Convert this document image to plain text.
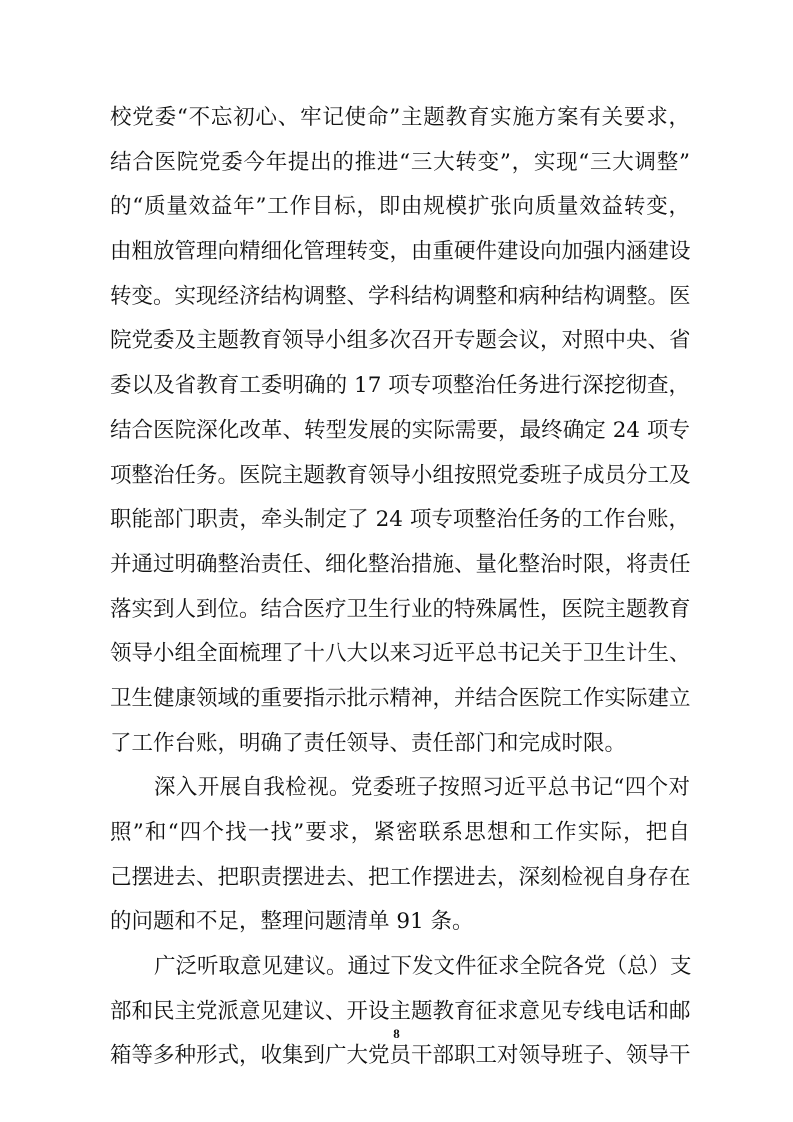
校党委“不忘初心、牢记使命”主题教育实施方案有关要求，
结合医院党委今年提出的推进“三大转变”，实现“三大调整”
的“质量效益年”工作目标，即由规模扩张向质量效益转变，
由粗放管理向精细化管理转变，由重硬件建设向加强内涵建设
转变。实现经济结构调整、学科结构调整和病种结构调整。医
院党委及主题教育领导小组多次召开专题会议，对照中央、省
委以及省教育工委明确的 17 项专项整治任务进行深挖彻查，
结合医院深化改革、转型发展的实际需要，最终确定 24 项专
项整治任务。医院主题教育领导小组按照党委班子成员分工及
职能部门职责，牵头制定了 24 项专项整治任务的工作台账，
并通过明确整治责任、细化整治措施、量化整治时限，将责任
落实到人到位。结合医疗卫生行业的特殊属性，医院主题教育
领导小组全面梳理了十八大以来习近平总书记关于卫生计生、
卫生健康领域的重要指示批示精神，并结合医院工作实际建立
了工作台账，明确了责任领导、责任部门和完成时限。
深入开展自我检视。党委班子按照习近平总书记“四个对
照”和“四个找一找”要求，紧密联系思想和工作实际，把自
己摆进去、把职责摆进去、把工作摆进去，深刻检视自身存在
的问题和不足，整理问题清单 91 条。
广泛听取意见建议。通过下发文件征求全院各党（总）支
部和民主党派意见建议、开设主题教育征求意见专线电话和邮
箱等多种形式，收集到广大党员干部职工对领导班子、领导干
8
